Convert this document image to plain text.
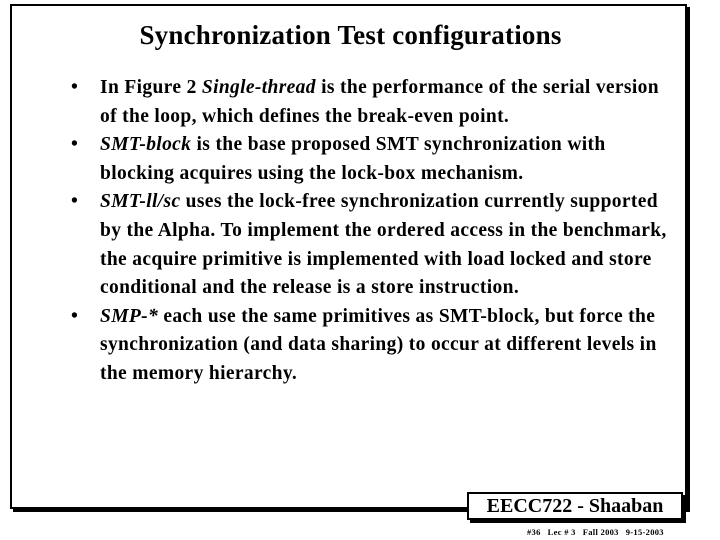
Synchronization Test configurations
• In Figure 2 Single-thread is the performance of the serial version of the loop, which defines the break-even point.
• SMT-block is the base proposed SMT synchronization with blocking acquires using the lock-box mechanism.
• SMT-ll/sc uses the lock-free synchronization currently supported by the Alpha. To implement the ordered access in the benchmark, the acquire primitive is implemented with load locked and store conditional and the release is a store instruction.
• SMP-* each use the same primitives as SMT-block, but force the synchronization (and data sharing) to occur at different levels in the memory hierarchy.
EECC722 - Shaaban
#36 Lec # 3 Fall 2003 9-15-2003
